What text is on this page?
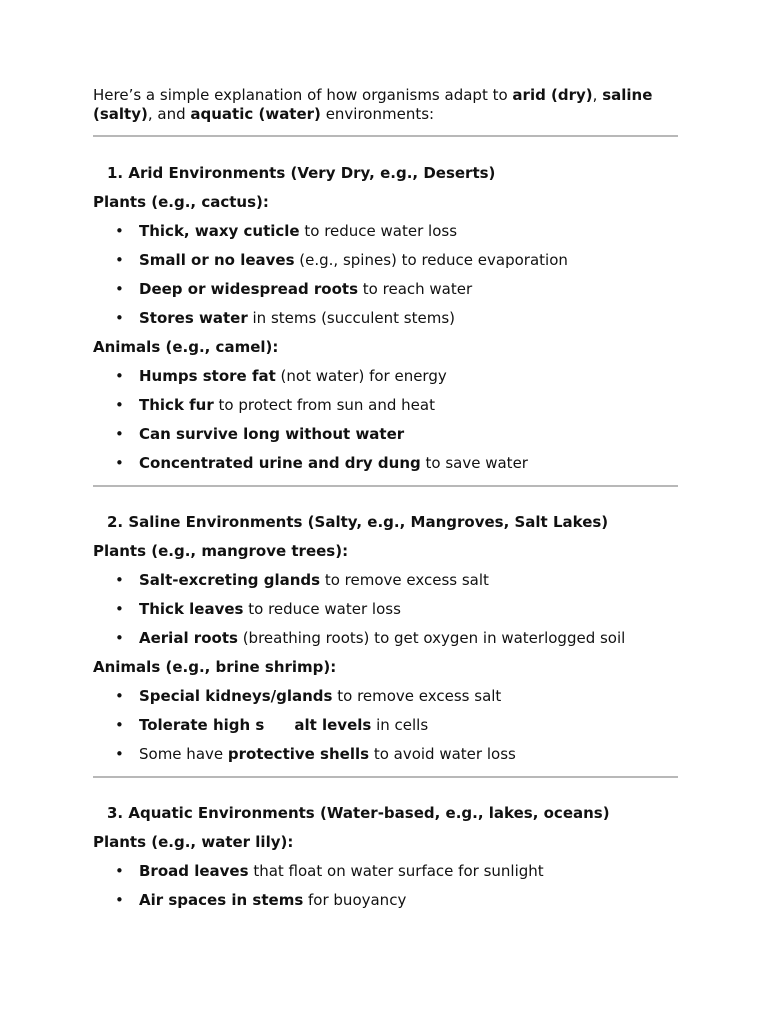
Here’s a simple explanation of how organisms adapt to arid (dry), saline (salty), and aquatic (water) environments:

1. Arid Environments (Very Dry, e.g., Deserts)
Plants (e.g., cactus):
• Thick, waxy cuticle to reduce water loss
• Small or no leaves (e.g., spines) to reduce evaporation
• Deep or widespread roots to reach water
• Stores water in stems (succulent stems)
Animals (e.g., camel):
• Humps store fat (not water) for energy
• Thick fur to protect from sun and heat
• Can survive long without water
• Concentrated urine and dry dung to save water
2. Saline Environments (Salty, e.g., Mangroves, Salt Lakes)
Plants (e.g., mangrove trees):
• Salt-excreting glands to remove excess salt
• Thick leaves to reduce water loss
• Aerial roots (breathing roots) to get oxygen in waterlogged soil
Animals (e.g., brine shrimp):
• Special kidneys/glands to remove excess salt
• Tolerate high s  alt levels in cells
• Some have protective shells to avoid water loss
3. Aquatic Environments (Water-based, e.g., lakes, oceans)
Plants (e.g., water lily):
• Broad leaves that float on water surface for sunlight
• Air spaces in stems for buoyancy
